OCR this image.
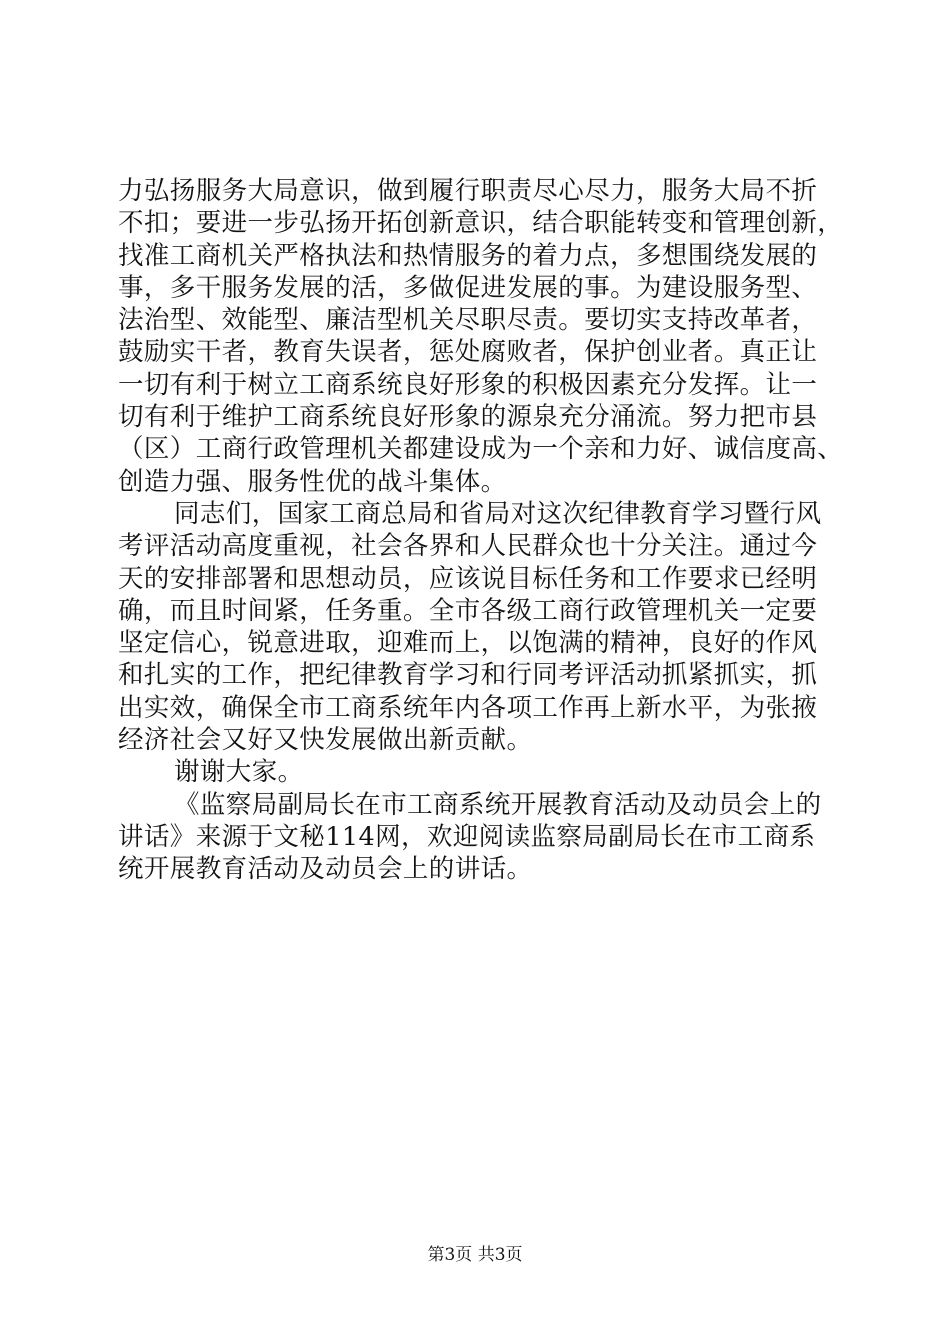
力弘扬服务大局意识，做到履行职责尽心尽力，服务大局不折
不扣；要进一步弘扬开拓创新意识，结合职能转变和管理创新，
找准工商机关严格执法和热情服务的着力点，多想围绕发展的
事，多干服务发展的活，多做促进发展的事。为建设服务型、
法治型、效能型、廉洁型机关尽职尽责。要切实支持改革者，
鼓励实干者，教育失误者，惩处腐败者，保护创业者。真正让
一切有利于树立工商系统良好形象的积极因素充分发挥。让一
切有利于维护工商系统良好形象的源泉充分涌流。努力把市县
（区）工商行政管理机关都建设成为一个亲和力好、诚信度高、
创造力强、服务性优的战斗集体。
同志们，国家工商总局和省局对这次纪律教育学习暨行风
考评活动高度重视，社会各界和人民群众也十分关注。通过今
天的安排部署和思想动员，应该说目标任务和工作要求已经明
确，而且时间紧，任务重。全市各级工商行政管理机关一定要
坚定信心，锐意进取，迎难而上，以饱满的精神，良好的作风
和扎实的工作，把纪律教育学习和行同考评活动抓紧抓实，抓
出实效，确保全市工商系统年内各项工作再上新水平，为张掖
经济社会又好又快发展做出新贡献。
谢谢大家。
《监察局副局长在市工商系统开展教育活动及动员会上的
讲话》来源于文秘114网，欢迎阅读监察局副局长在市工商系
统开展教育活动及动员会上的讲话。
第3页 共3页
